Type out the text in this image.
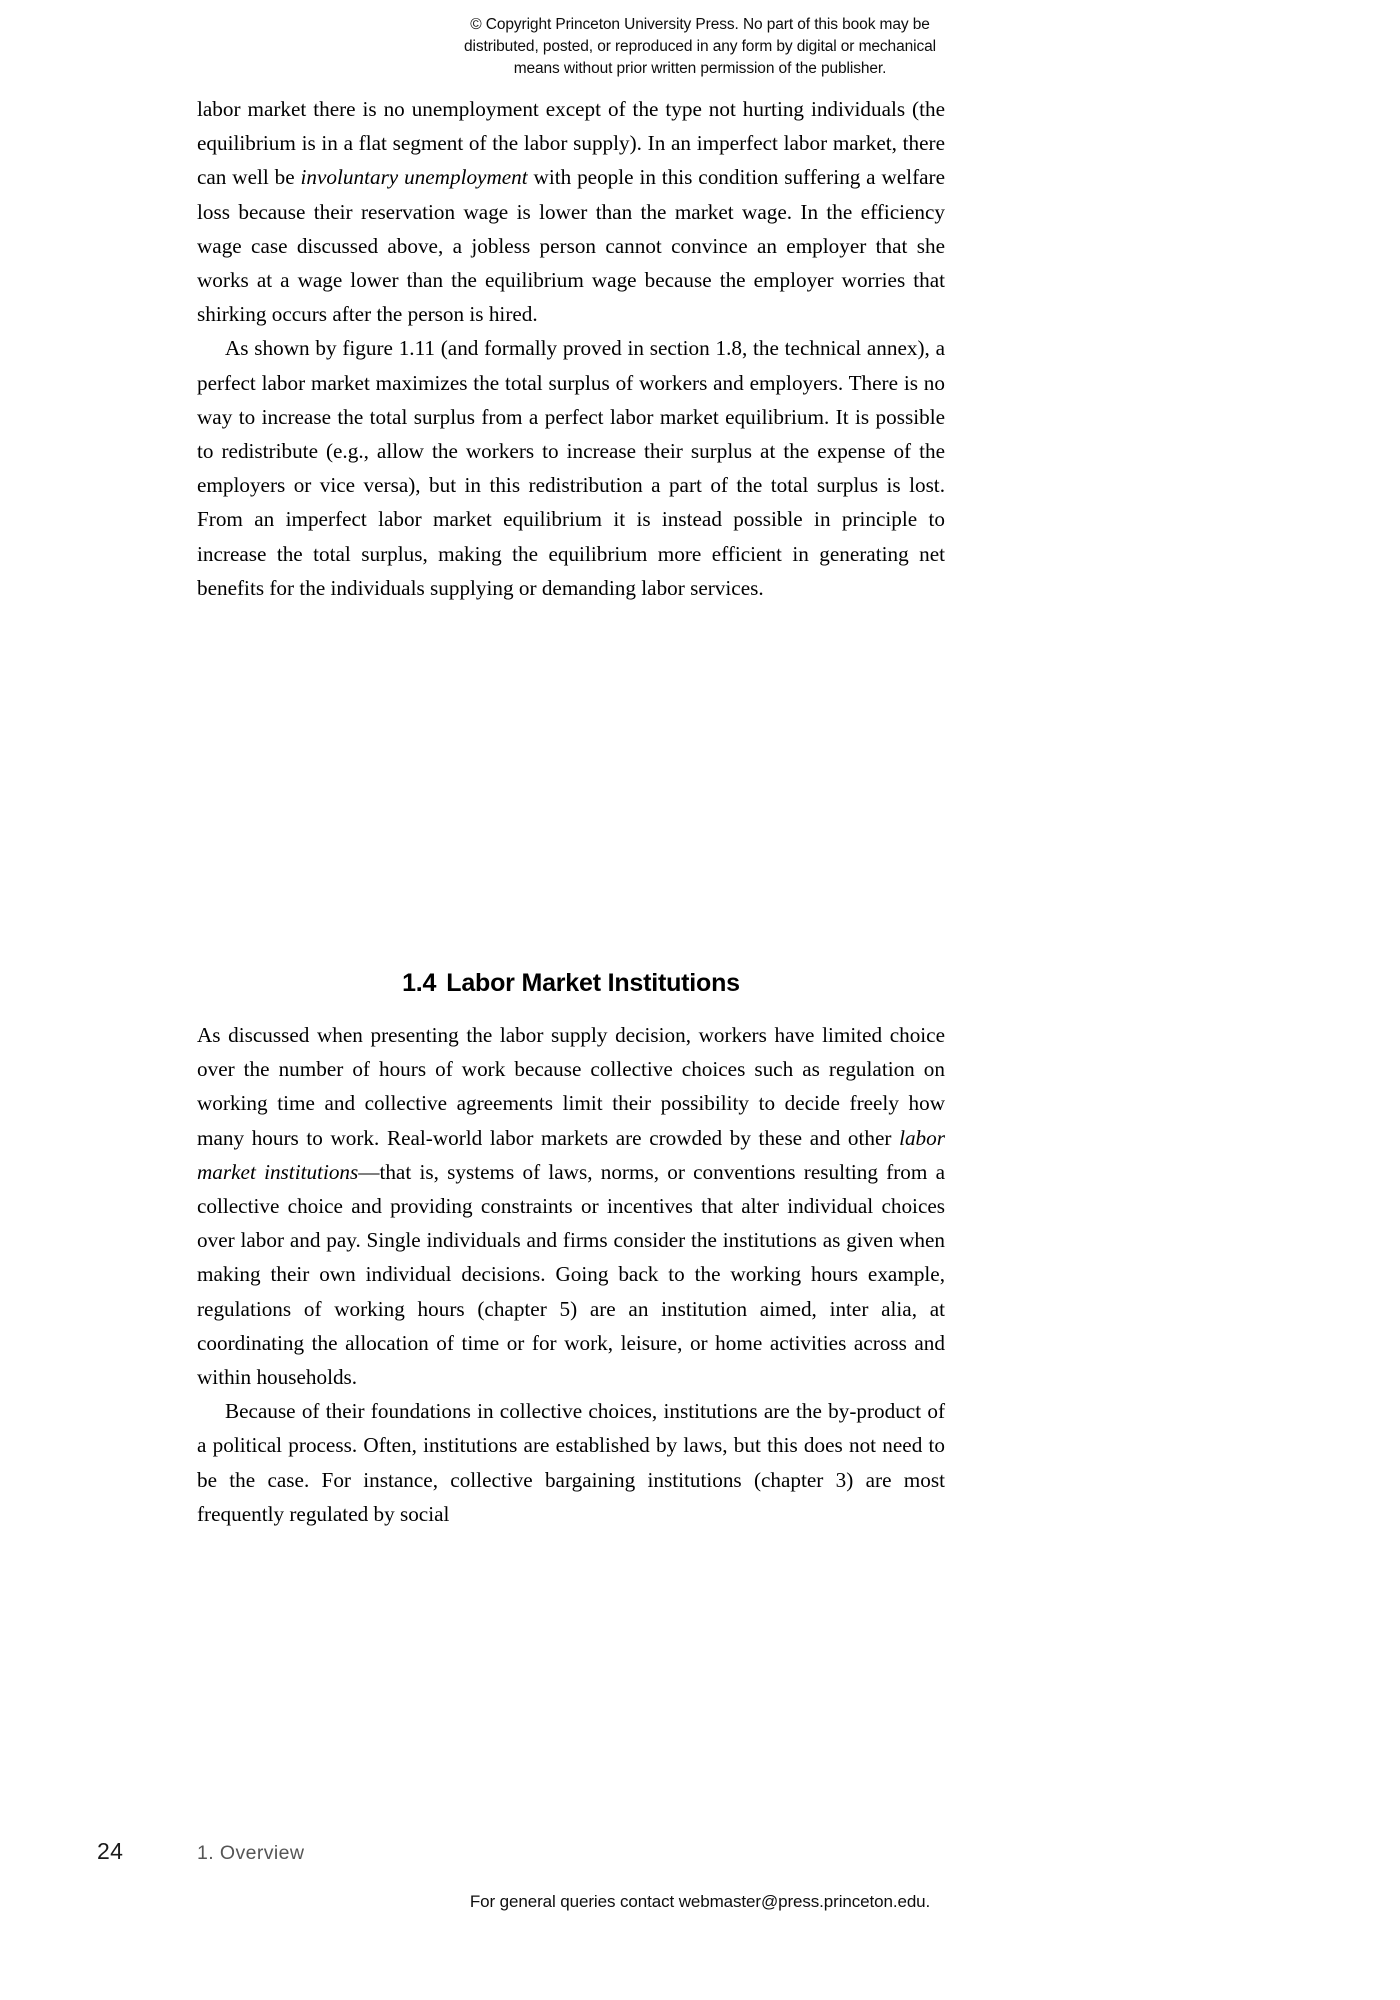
© Copyright Princeton University Press. No part of this book may be
distributed, posted, or reproduced in any form by digital or mechanical
means without prior written permission of the publisher.

labor market there is no unemployment except of the type not hurting individuals (the equilibrium is in a flat segment of the labor supply). In an imperfect labor market, there can well be involuntary unemployment with people in this condition suffering a welfare loss because their reservation wage is lower than the market wage. In the efficiency wage case discussed above, a jobless person cannot convince an employer that she works at a wage lower than the equilibrium wage because the employer worries that shirking occurs after the person is hired.

As shown by figure 1.11 (and formally proved in section 1.8, the technical annex), a perfect labor market maximizes the total surplus of workers and employers. There is no way to increase the total surplus from a perfect labor market equilibrium. It is possible to redistribute (e.g., allow the workers to increase their surplus at the expense of the employers or vice versa), but in this redistribution a part of the total surplus is lost. From an imperfect labor market equilibrium it is instead possible in principle to increase the total surplus, making the equilibrium more efficient in generating net benefits for the individuals supplying or demanding labor services.

1.4 Labor Market Institutions

As discussed when presenting the labor supply decision, workers have limited choice over the number of hours of work because collective choices such as regulation on working time and collective agreements limit their possibility to decide freely how many hours to work. Real-world labor markets are crowded by these and other labor market institutions—that is, systems of laws, norms, or conventions resulting from a collective choice and providing constraints or incentives that alter individual choices over labor and pay. Single individuals and firms consider the institutions as given when making their own individual decisions. Going back to the working hours example, regulations of working hours (chapter 5) are an institution aimed, inter alia, at coordinating the allocation of time or for work, leisure, or home activities across and within households.

Because of their foundations in collective choices, institutions are the by-product of a political process. Often, institutions are established by laws, but this does not need to be the case. For instance, collective bargaining institutions (chapter 3) are most frequently regulated by social

24	1. Overview
For general queries contact webmaster@press.princeton.edu.
